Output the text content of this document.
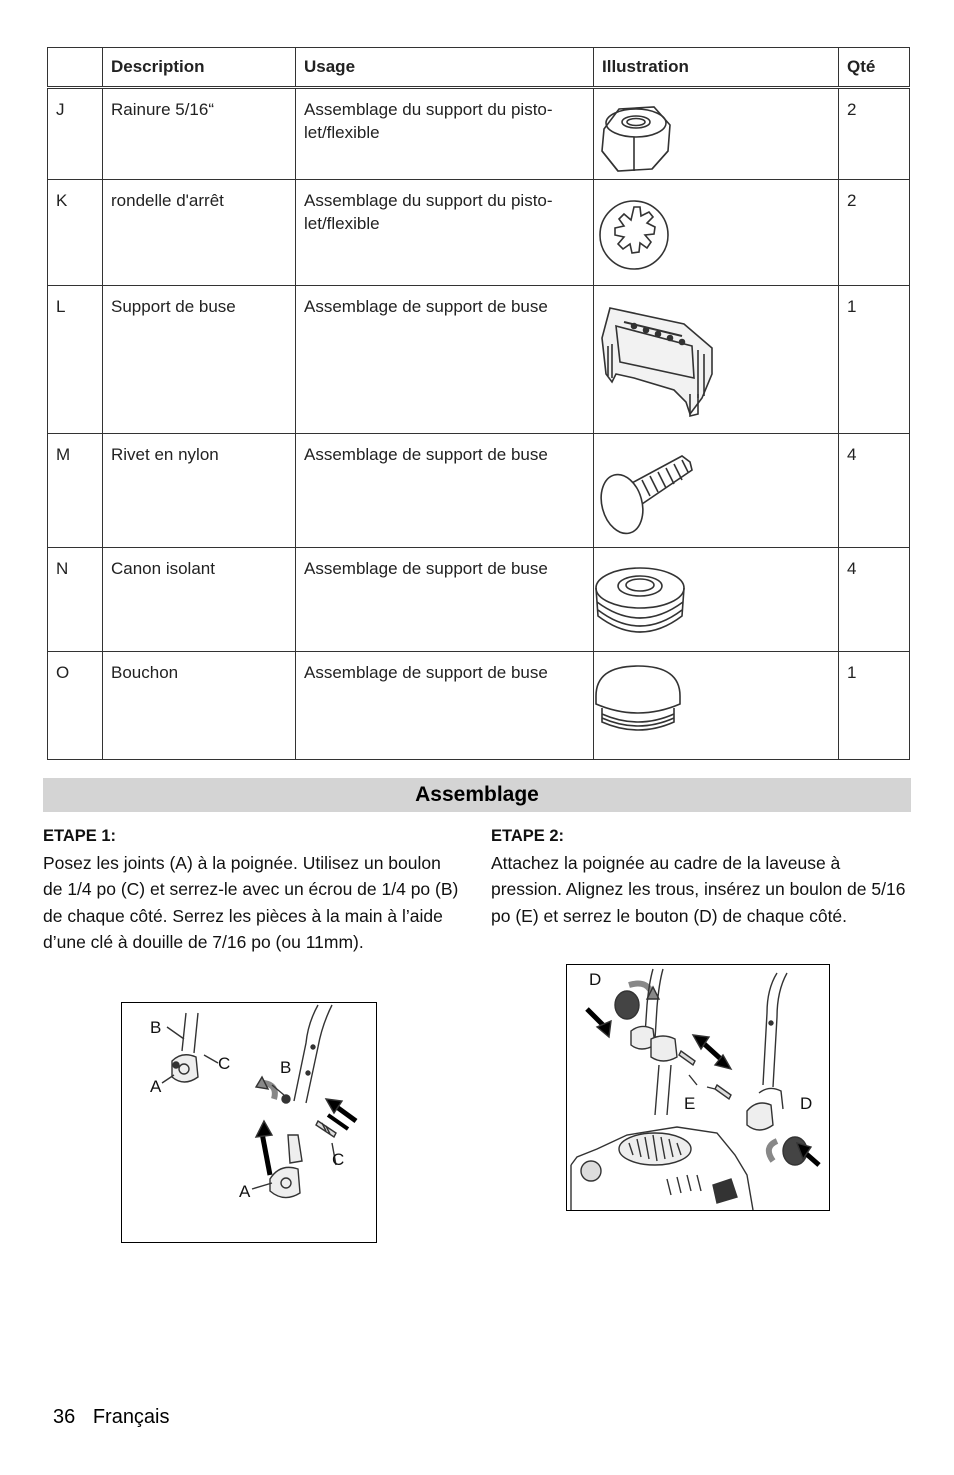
	Description	Usage	Illustration	Qté
J	Rainure 5/16“	Assemblage du support du pisto-let/flexible		2
K	rondelle d'arrêt	Assemblage du support du pisto-let/flexible		2
L	Support de buse	Assemblage de support de buse		1
M	Rivet en nylon	Assemblage de support de buse		4
N	Canon isolant	Assemblage de support de buse		4
O	Bouchon	Assemblage de support de buse		1
Assemblage
ETAPE 1:
Posez les joints (A) à la poignée. Utilisez un boulon de 1/4 po (C) et serrez-le avec un écrou de 1/4 po (B) de chaque côté. Serrez les pièces à la main à l’aide d’une clé à douille de 7/16 po (ou 11mm).
ETAPE 2:
Attachez la poignée au cadre de la laveuse à pression. Alignez les trous, insérez un boulon de 5/16 po (E) et serrez le bouton (D) de chaque côté.
B
C
A
B
C
A
D
E	D
36 Français
